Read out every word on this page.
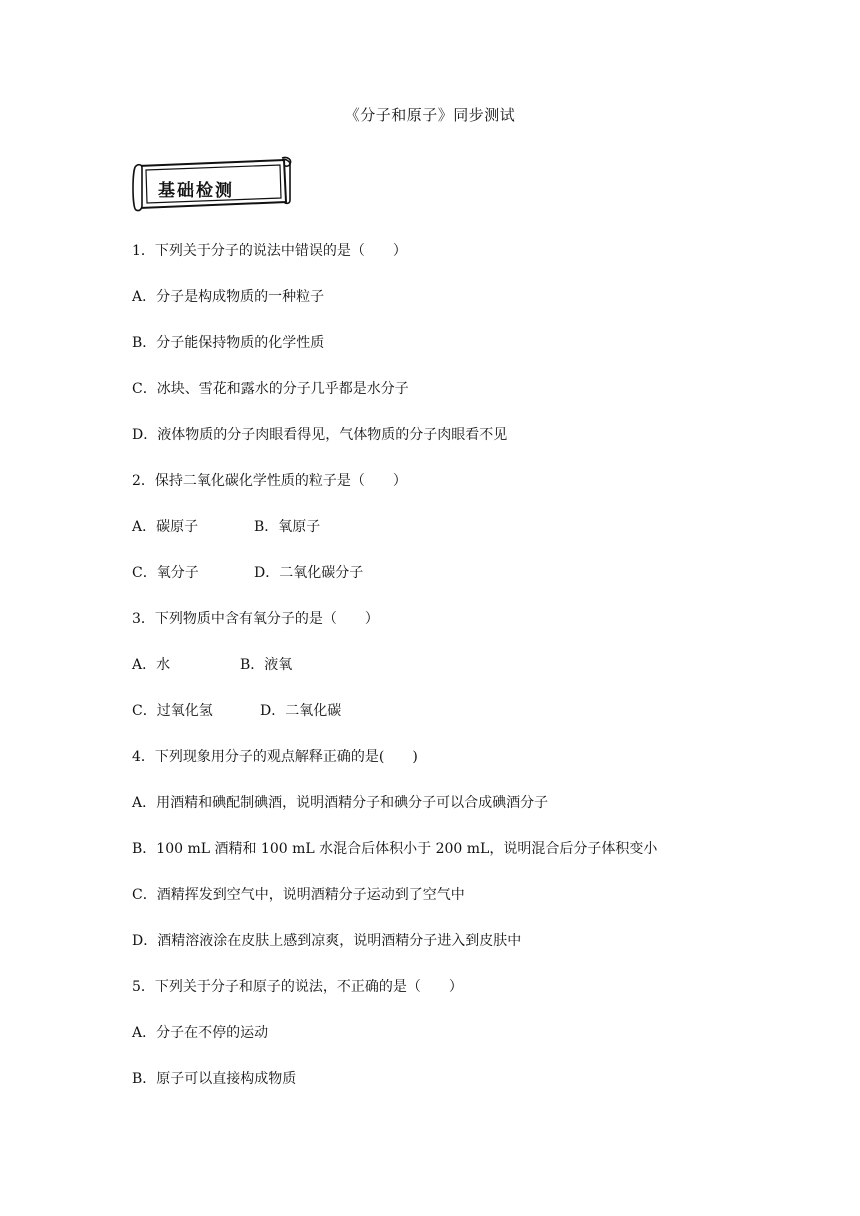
《分子和原子》同步测试
基础检测
1．下列关于分子的说法中错误的是（　　）
A．分子是构成物质的一种粒子
B．分子能保持物质的化学性质
C．冰块、雪花和露水的分子几乎都是水分子
D．液体物质的分子肉眼看得见，气体物质的分子肉眼看不见
2．保持二氧化碳化学性质的粒子是（　　）
A．碳原子	B．氧原子
C．氧分子	D．二氧化碳分子
3．下列物质中含有氧分子的是（　　）
A．水	B．液氧
C．过氧化氢	D．二氧化碳
4．下列现象用分子的观点解释正确的是(　　)
A．用酒精和碘配制碘酒，说明酒精分子和碘分子可以合成碘酒分子
B．100 mL 酒精和 100 mL 水混合后体积小于 200 mL，说明混合后分子体积变小
C．酒精挥发到空气中，说明酒精分子运动到了空气中
D．酒精溶液涂在皮肤上感到凉爽，说明酒精分子进入到皮肤中
5．下列关于分子和原子的说法，不正确的是（　　）
A．分子在不停的运动
B．原子可以直接构成物质
